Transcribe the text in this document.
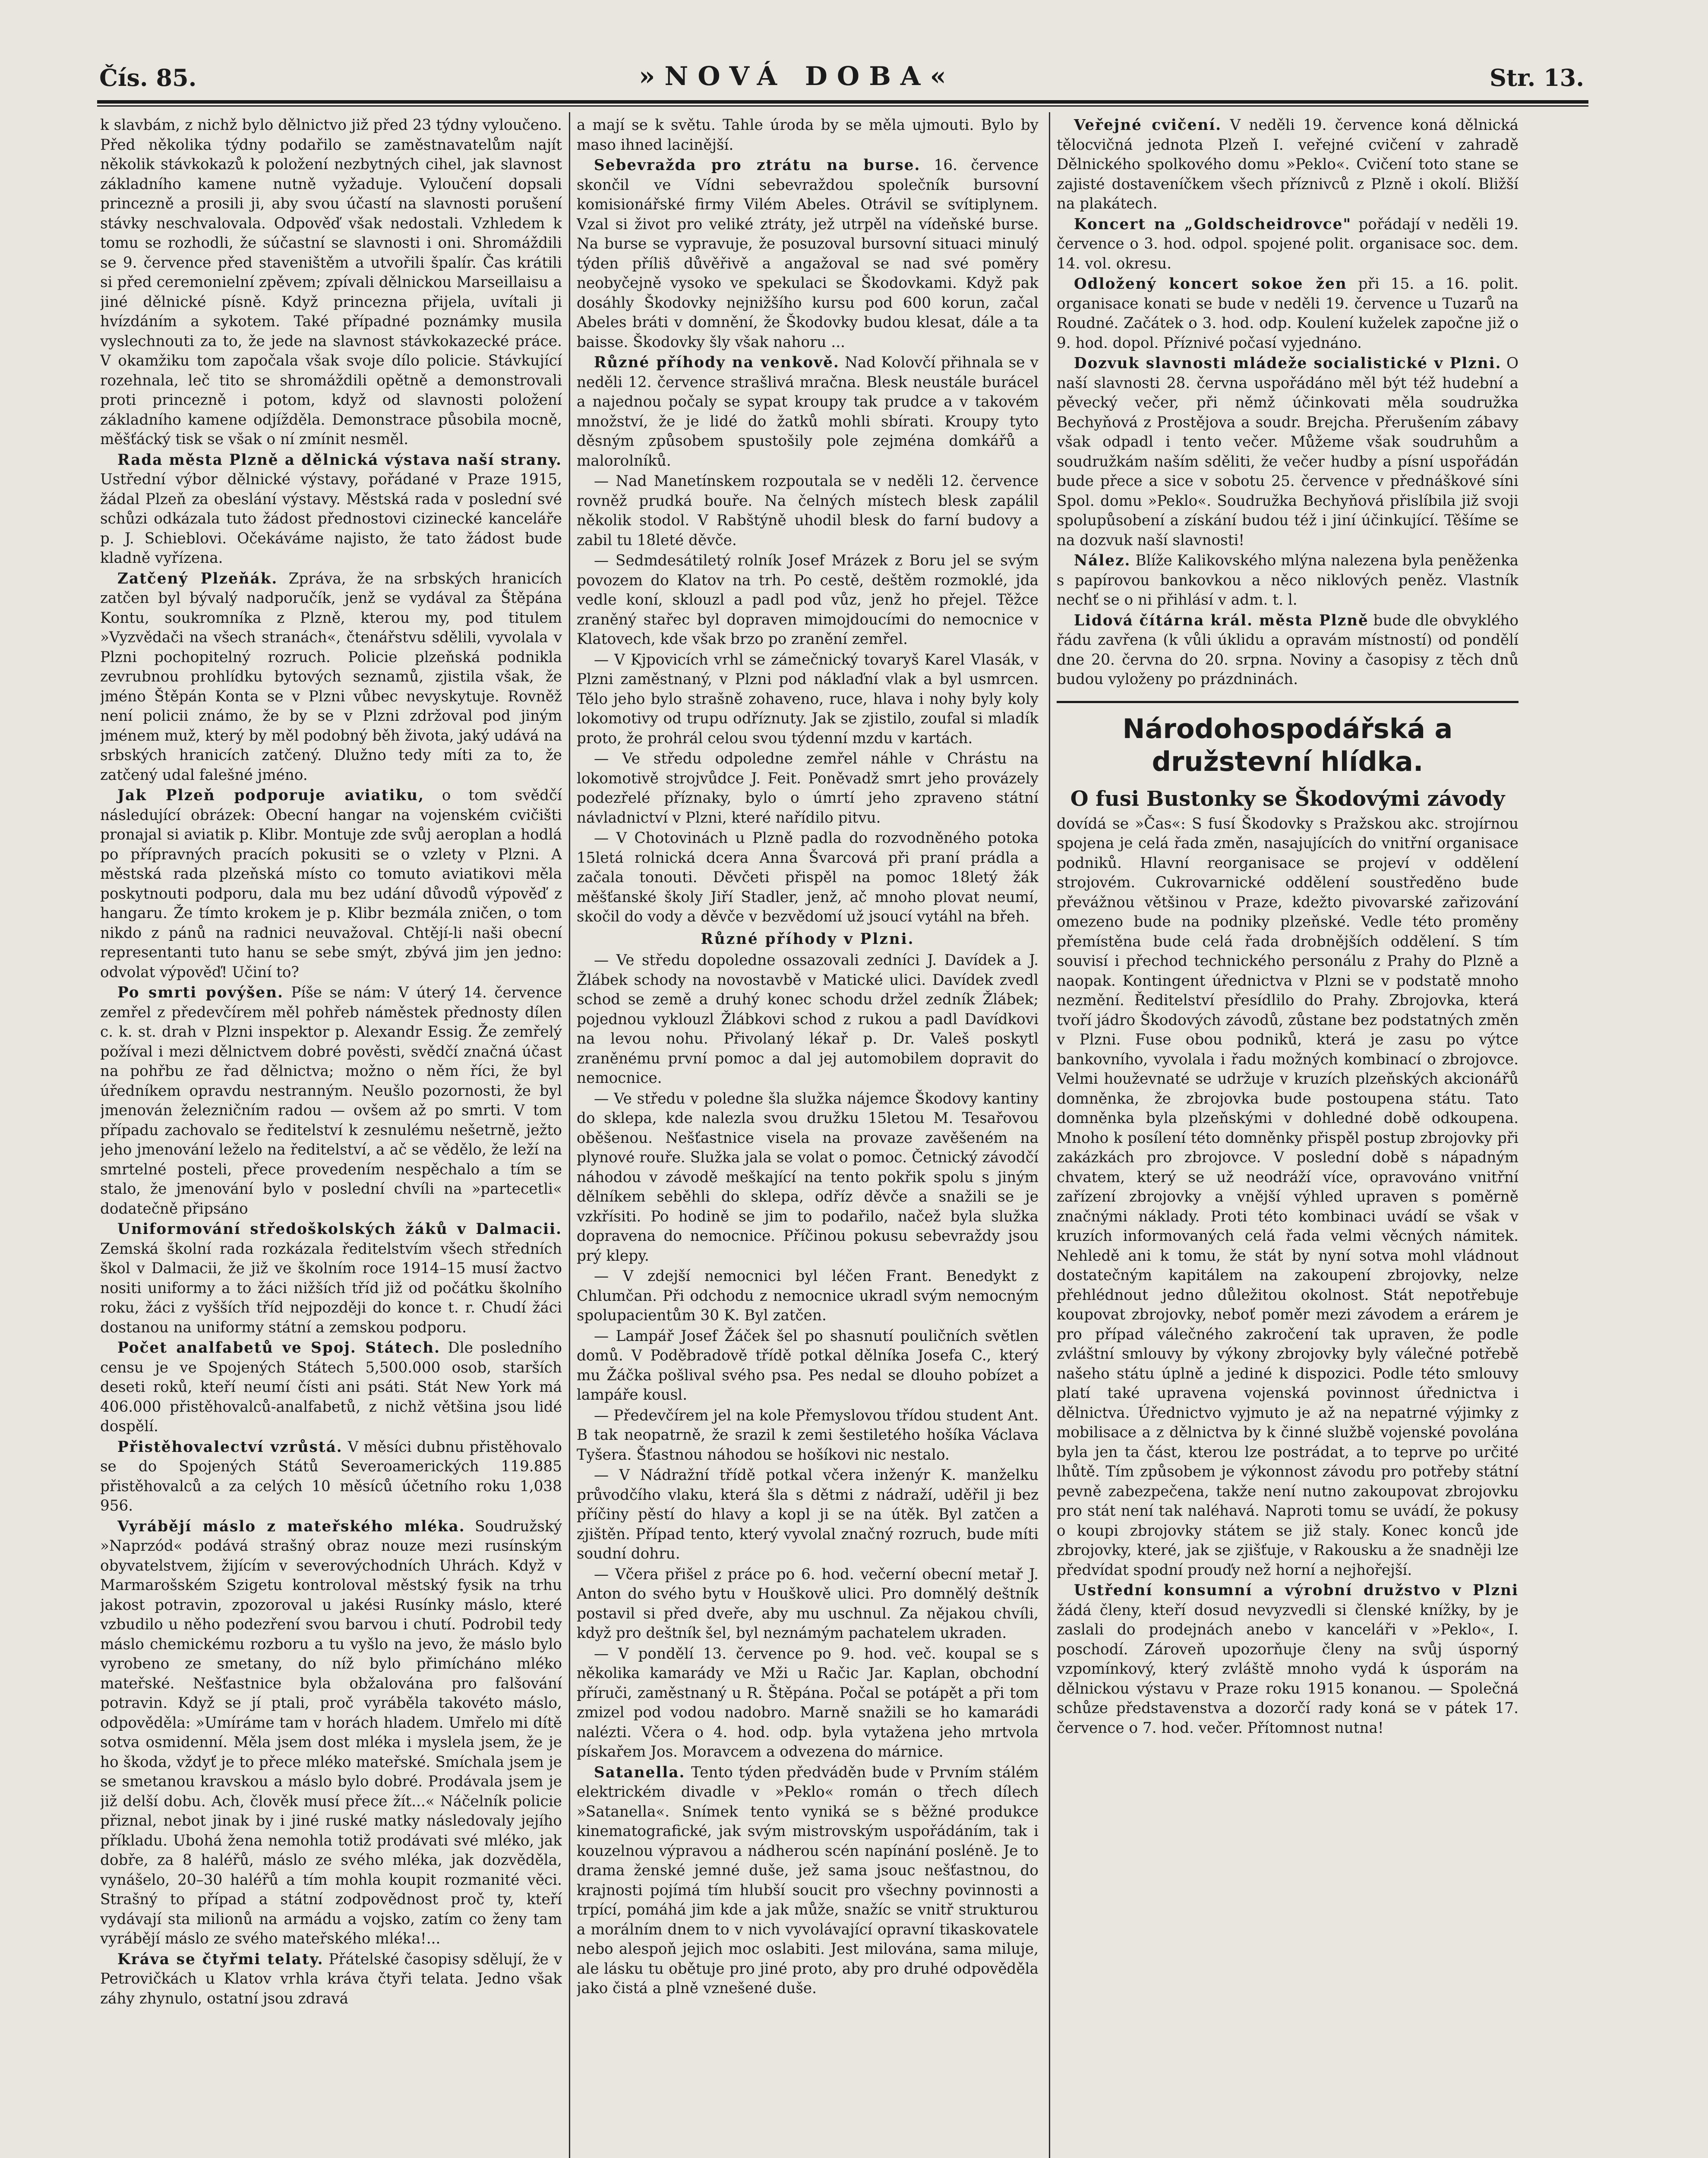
Čís. 85.	»NOVÁ DOBA«	Str. 13.

k slavbám, z nichž bylo dělnictvo již před 23 týdny vyloučeno. Před několika týdny podařilo se zaměstnavatelům najít několik stávkokazů k položení nezbytných cihel, jak slavnost základního kamene nutně vyžaduje. Vyloučení dopsali princezně a prosili ji, aby svou účastí na slavnosti porušení stávky neschvalovala. Odpověď však nedostali. Vzhledem k tomu se rozhodli, že súčastní se slavnosti i oni. Shromáždili se 9. července před staveništěm a utvořili špalír. Čas krátili si před ceremonielní zpěvem; zpívali dělnickou Marseillaisu a jiné dělnické písně. Když princezna přijela, uvítali ji hvízdáním a sykotem. Také případné poznámky musila vyslechnouti za to, že jede na slavnost stávkokazecké práce. V okamžiku tom započala však svoje dílo policie. Stávkující rozehnala, leč tito se shromáždili opětně a demonstrovali proti princezně i potom, když od slavnosti položení základního kamene odjížděla. Demonstrace působila mocně, měšťácký tisk se však o ní zmínit nesměl.

Rada města Plzně a dělnická výstava naší strany. Ustřední výbor dělnické výstavy, pořádané v Praze 1915, žádal Plzeň za obeslání výstavy. Městská rada v poslední své schůzi odkázala tuto žádost přednostovi cizinecké kanceláře p. J. Schieblovi. Očekáváme najisto, že tato žádost bude kladně vyřízena.

Zatčený Plzeňák. Zpráva, že na srbských hranicích zatčen byl bývalý nadporučík, jenž se vydával za Štěpána Kontu, soukromníka z Plzně, kterou my, pod titulem »Vyzvědači na všech stranách«, čtenářstvu sdělili, vyvolala v Plzni pochopitelný rozruch. Policie plzeňská podnikla zevrubnou prohlídku bytových seznamů, zjistila však, že jméno Štěpán Konta se v Plzni vůbec nevyskytuje. Rovněž není policii známo, že by se v Plzni zdržoval pod jiným jménem muž, který by měl podobný běh života, jaký udává na srbských hranicích zatčený. Dlužno tedy míti za to, že zatčený udal falešné jméno.

Jak Plzeň podporuje aviatiku, o tom svědčí následující obrázek: Obecní hangar na vojenském cvičišti pronajal si aviatik p. Klibr. Montuje zde svůj aeroplan a hodlá po přípravných pracích pokusiti se o vzlety v Plzni. A městská rada plzeňská místo co tomuto aviatikovi měla poskytnouti podporu, dala mu bez udání důvodů výpověď z hangaru. Že tímto krokem je p. Klibr bezmála zničen, o tom nikdo z pánů na radnici neuvažoval. Chtějí-li naši obecní representanti tuto hanu se sebe smýt, zbývá jim jen jedno: odvolat výpověď! Učiní to?

Po smrti povýšen. Píše se nám: V úterý 14. července zemřel z předevčírem měl pohřeb náměstek přednosty dílen c. k. st. drah v Plzni inspektor p. Alexandr Essig. Že zemřelý požíval i mezi dělnictvem dobré pověsti, svědčí značná účast na pohřbu ze řad dělnictva; možno o něm říci, že byl úředníkem opravdu nestranným. Neušlo pozornosti, že byl jmenován železničním radou — ovšem až po smrti. V tom případu zachovalo se ředitelství k zesnulému nešetrně, ježto jeho jmenování leželo na ředitelství, a ač se vědělo, že leží na smrtelné posteli, přece provedením nespěchalo a tím se stalo, že jmenování bylo v poslední chvíli na »partecetli« dodatečně připsáno

Uniformování středoškolských žáků v Dalmacii. Zemská školní rada rozkázala ředitelstvím všech středních škol v Dalmacii, že již ve školním roce 1914–15 musí žactvo nositi uniformy a to žáci nižších tříd již od počátku školního roku, žáci z vyšších tříd nejpozději do konce t. r. Chudí žáci dostanou na uniformy státní a zemskou podporu.

Počet analfabetů ve Spoj. Státech. Dle posledního censu je ve Spojených Státech 5,500.000 osob, starších deseti roků, kteří neumí čísti ani psáti. Stát New York má 406.000 přistěhovalců-analfabetů, z nichž většina jsou lidé dospělí.

Přistěhovalectví vzrůstá. V měsíci dubnu přistěhovalo se do Spojených Států Severoamerických 119.885 přistěhovalců a za celých 10 měsíců účetního roku 1,038 956.

Vyrábějí máslo z mateřského mléka. Soudružský »Naprzód« podává strašný obraz nouze mezi rusínským obyvatelstvem, žijícím v severovýchodních Uhrách. Když v Marmarošském Szigetu kontroloval městský fysik na trhu jakost potravin, zpozoroval u jakési Rusínky máslo, které vzbudilo u něho podezření svou barvou i chutí. Podrobil tedy máslo chemickému rozboru a tu vyšlo na jevo, že máslo bylo vyrobeno ze smetany, do níž bylo přimícháno mléko mateřské. Nešťastnice byla obžalována pro falšování potravin. Když se jí ptali, proč vyráběla takovéto máslo, odpověděla: »Umíráme tam v horách hladem. Umřelo mi dítě sotva osmidenní. Měla jsem dost mléka i myslela jsem, že je ho škoda, vždyť je to přece mléko mateřské. Smíchala jsem je se smetanou kravskou a máslo bylo dobré. Prodávala jsem je již delší dobu. Ach, člověk musí přece žít...« Náčelník policie přiznal, nebot jinak by i jiné ruské matky následovaly jejího příkladu. Ubohá žena nemohla totiž prodávati své mléko, jak dobře, za 8 haléřů, máslo ze svého mléka, jak dozvěděla, vynášelo, 20–30 haléřů a tím mohla koupit rozmanité věci. Strašný to případ a státní zodpovědnost proč ty, kteří vydávají sta milionů na armádu a vojsko, zatím co ženy tam vyrábějí máslo ze svého mateřského mléka!...

Kráva se čtyřmi telaty. Přátelské časopisy sdělují, že v Petrovičkách u Klatov vrhla kráva čtyři telata. Jedno však záhy zhynulo, ostatní jsou zdravá

a mají se k světu. Tahle úroda by se měla ujmouti. Bylo by maso ihned lacinější.

Sebevražda pro ztrátu na burse. 16. července skončil ve Vídni sebevraždou společník bursovní komisionářské firmy Vilém Abeles. Otrávil se svítiplynem. Vzal si život pro veliké ztráty, jež utrpěl na vídeňské burse. Na burse se vypravuje, že posuzoval bursovní situaci minulý týden příliš důvěřivě a angažoval se nad své poměry neobyčejně vysoko ve spekulaci se Škodovkami. Když pak dosáhly Škodovky nejnižšího kursu pod 600 korun, začal Abeles bráti v domnění, že Škodovky budou klesat, dále a ta baisse. Škodovky šly však nahoru ...

Různé příhody na venkově. Nad Kolovčí přihnala se v neděli 12. července strašlivá mračna. Blesk neustále burácel a najednou počaly se sypat kroupy tak prudce a v takovém množství, že je lidé do žatků mohli sbírati. Kroupy tyto děsným způsobem spustošily pole zejména domkářů a malorolníků.

— Nad Manetínskem rozpoutala se v neděli 12. července rovněž prudká bouře. Na čelných místech blesk zapálil několik stodol. V Rabštýně uhodil blesk do farní budovy a zabil tu 18leté děvče.

— Sedmdesátiletý rolník Josef Mrázek z Boru jel se svým povozem do Klatov na trh. Po cestě, deštěm rozmoklé, jda vedle koní, sklouzl a padl pod vůz, jenž ho přejel. Těžce zraněný stařec byl dopraven mimojdoucími do nemocnice v Klatovech, kde však brzo po zranění zemřel.

— V Kjpovicích vrhl se zámečnický tovaryš Karel Vlasák, v Plzni zaměstnaný, v Plzni pod náklaďní vlak a byl usmrcen. Tělo jeho bylo strašně zohaveno, ruce, hlava i nohy byly koly lokomotivy od trupu odříznuty. Jak se zjistilo, zoufal si mladík proto, že prohrál celou svou týdenní mzdu v kartách.

— Ve středu odpoledne zemřel náhle v Chrástu na lokomotivě strojvůdce J. Feit. Poněvadž smrt jeho provázely podezřelé příznaky, bylo o úmrtí jeho zpraveno státní návladnictví v Plzni, které nařídilo pitvu.

— V Chotovinách u Plzně padla do rozvodněného potoka 15letá rolnická dcera Anna Švarcová při praní prádla a začala tonouti. Děvčeti přispěl na pomoc 18letý žák měšťanské školy Jiří Stadler, jenž, ač mnoho plovat neumí, skočil do vody a děvče v bezvědomí už jsoucí vytáhl na břeh.

Různé příhody v Plzni.

— Ve středu dopoledne ossazovali zedníci J. Davídek a J. Žlábek schody na novostavbě v Matické ulici. Davídek zvedl schod se země a druhý konec schodu držel zedník Žlábek; pojednou vyklouzl Žlábkovi schod z rukou a padl Davídkovi na levou nohu. Přivolaný lékař p. Dr. Valeš poskytl zraněnému první pomoc a dal jej automobilem dopravit do nemocnice.

— Ve středu v poledne šla služka nájemce Škodovy kantiny do sklepa, kde nalezla svou družku 15letou M. Tesařovou oběšenou. Nešťastnice visela na provaze zavěšeném na plynové rouře. Služka jala se volat o pomoc. Četnický závodčí náhodou v závodě meškající na tento pokřik spolu s jiným dělníkem seběhli do sklepa, odříz děvče a snažili se je vzkřísiti. Po hodině se jim to podařilo, načež byla služka dopravena do nemocnice. Příčinou pokusu sebevraždy jsou prý klepy.

— V zdejší nemocnici byl léčen Frant. Benedykt z Chlumčan. Při odchodu z nemocnice ukradl svým nemocným spolupacientům 30 K. Byl zatčen.

— Lampář Josef Žáček šel po shasnutí pouličních světlen domů. V Poděbradově třídě potkal dělníka Josefa C., který mu Žáčka pošlival svého psa. Pes nedal se dlouho pobízet a lampáře kousl.

— Předevčírem jel na kole Přemyslovou třídou student Ant. B tak neopatrně, že srazil k zemi šestiletého hošíka Václava Tyšera. Šťastnou náhodou se hošíkovi nic nestalo.

— V Nádražní třídě potkal včera inženýr K. manželku průvodčího vlaku, která šla s dětmi z nádraží, uděřil ji bez příčiny pěstí do hlavy a kopl ji se na útěk. Byl zatčen a zjištěn. Případ tento, který vyvolal značný rozruch, bude míti soudní dohru.

— Včera přišel z práce po 6. hod. večerní obecní metař J. Anton do svého bytu v Houškově ulici. Pro domnělý deštník postavil si před dveře, aby mu uschnul. Za nějakou chvíli, když pro deštník šel, byl neznámým pachatelem ukraden.

— V pondělí 13. července po 9. hod. več. koupal se s několika kamarády ve Mži u Račic Jar. Kaplan, obchodní příruči, zaměstnaný u R. Štěpána. Počal se potápět a při tom zmizel pod vodou nadobro. Marně snažili se ho kamarádi nalézti. Včera o 4. hod. odp. byla vytažena jeho mrtvola pískařem Jos. Moravcem a odvezena do márnice.

Satanella. Tento týden předváděn bude v Prvním stálém elektrickém divadle v »Peklo« román o třech dílech »Satanella«. Snímek tento vyniká se s běžné produkce kinematografické, jak svým mistrovským uspořádáním, tak i kouzelnou výpravou a nádherou scén napínání posléně. Je to drama ženské jemné duše, jež sama jsouc nešťastnou, do krajnosti pojímá tím hlubší soucit pro všechny povinnosti a trpící, pomáhá jim kde a jak může, snažíc se vnitř strukturou a morálním dnem to v nich vyvolávající opravní tikaskovatele nebo alespoň jejich moc oslabiti. Jest milována, sama miluje, ale lásku tu obětuje pro jiné proto, aby pro druhé odpověděla jako čistá a plně vznešené duše.

Veřejné cvičení. V neděli 19. července koná dělnická tělocvičná jednota Plzeň I. veřejné cvičení v zahradě Dělnického spolkového domu »Peklo«. Cvičení toto stane se zajisté dostaveníčkem všech příznivců z Plzně i okolí. Bližší na plakátech.

Koncert na „Goldscheidrovce" pořádají v neděli 19. července o 3. hod. odpol. spojené polit. organisace soc. dem. 14. vol. okresu.

Odložený koncert sokoe žen při 15. a 16. polit. organisace konati se bude v neděli 19. července u Tuzarů na Roudné. Začátek o 3. hod. odp. Koulení kuželek započne již o 9. hod. dopol. Příznivé počasí vyjednáno.

Dozvuk slavnosti mládeže socialistické v Plzni. O naší slavnosti 28. června uspořádáno měl být též hudební a pěvecký večer, při němž účinkovati měla soudružka Bechyňová z Prostějova a soudr. Brejcha. Přerušením zábavy však odpadl i tento večer. Můžeme však soudruhům a soudružkám naším sděliti, že večer hudby a písní uspořádán bude přece a sice v sobotu 25. července v přednáškové síni Spol. domu »Peklo«. Soudružka Bechyňová přislíbila již svoji spolupůsobení a získání budou též i jiní účinkující. Těšíme se na dozvuk naší slavnosti!

Nález. Blíže Kalikovského mlýna nalezena byla peněženka s papírovou bankovkou a něco niklových peněz. Vlastník nechť se o ni přihlásí v adm. t. l.

Lidová čítárna král. města Plzně bude dle obvyklého řádu zavřena (k vůli úklidu a opravám místností) od pondělí dne 20. června do 20. srpna. Noviny a časopisy z těch dnů budou vyloženy po prázdninách.

Národohospodářská a družstevní hlídka.
O fusi Bustonky se Škodovými závody

dovídá se »Čas«: S fusí Škodovky s Pražskou akc. strojírnou spojena je celá řada změn, nasajujících do vnitřní organisace podniků. Hlavní reorganisace se projeví v oddělení strojovém. Cukrovarnické oddělení soustředěno bude převážnou většinou v Praze, kdežto pivovarské zařizování omezeno bude na podniky plzeňské. Vedle této proměny přemístěna bude celá řada drobnějších oddělení. S tím souvisí i přechod technického personálu z Prahy do Plzně a naopak. Kontingent úřednictva v Plzni se v podstatě mnoho nezmění. Ředitelství přesídlilo do Prahy. Zbrojovka, která tvoří jádro Škodových závodů, zůstane bez podstatných změn v Plzni. Fuse obou podniků, která je zasu po výtce bankovního, vyvolala i řadu možných kombinací o zbrojovce. Velmi houževnaté se udržuje v kruzích plzeňských akcionářů domněnka, že zbrojovka bude postoupena státu. Tato domněnka byla plzeňskými v dohledné době odkoupena. Mnoho k posílení této domněnky přispěl postup zbrojovky při zakázkách pro zbrojovce. V poslední době s nápadným chvatem, který se už neodráží více, opravováno vnitřní zařízení zbrojovky a vnější výhled upraven s poměrně značnými náklady. Proti této kombinaci uvádí se však v kruzích informovaných celá řada velmi věcných námitek. Nehledě ani k tomu, že stát by nyní sotva mohl vládnout dostatečným kapitálem na zakoupení zbrojovky, nelze přehlédnout jedno důležitou okolnost. Stát nepotřebuje koupovat zbrojovky, neboť poměr mezi závodem a erárem je pro případ válečného zakročení tak upraven, že podle zvláštní smlouvy by výkony zbrojovky byly válečné potřebě našeho státu úplně a jediné k dispozici. Podle této smlouvy platí také upravena vojenská povinnost úřednictva i dělnictva. Úřednictvo vyjmuto je až na nepatrné výjimky z mobilisace a z dělnictva by k činné službě vojenské povolána byla jen ta část, kterou lze postrádat, a to teprve po určité lhůtě. Tím způsobem je výkonnost závodu pro potřeby státní pevně zabezpečena, takže není nutno zakoupovat zbrojovku pro stát není tak naléhavá. Naproti tomu se uvádí, že pokusy o koupi zbrojovky státem se již staly. Konec konců jde zbrojovky, které, jak se zjišťuje, v Rakousku a že snadněji lze předvídat spodní prouďy než horní a nejhořejší.

Ustřední konsumní a výrobní družstvo v Plzni žádá členy, kteří dosud nevyzvedli si členské knížky, by je zaslali do prodejnách anebo v kanceláři v »Peklo«, I. poschodí. Zároveň upozorňuje členy na svůj úsporný vzpomínkový, který zvláště mnoho vydá k úsporám na dělnickou výstavu v Praze roku 1915 konanou. — Společná schůze představenstva a dozorčí rady koná se v pátek 17. července o 7. hod. večer. Přítomnost nutna!
